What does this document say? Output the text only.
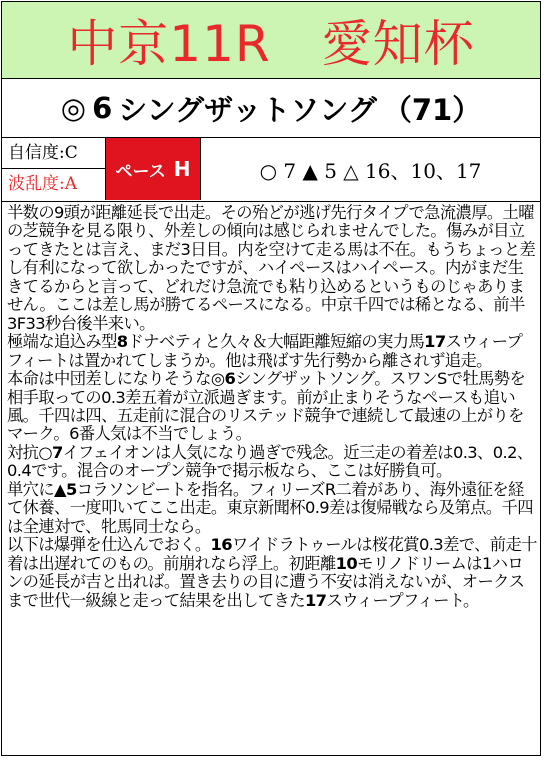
中京11R　愛知杯
◎ 6 シングザットソング （71）
自信度:C
波乱度:A
ペース H	○ 7 ▲ 5 △ 16、10、17

半数の9頭が距離延長で出走。その殆どが逃げ先行タイプで急流濃厚。土曜の芝競争を見る限り、外差しの傾向は感じられませんでした。傷みが目立ってきたとは言え、まだ3日目。内を空けて走る馬は不在。もうちょっと差し有利になって欲しかったですが、ハイペースはハイペース。内がまだ生きてるからと言って、どれだけ急流でも粘り込めるというものじゃありません。ここは差し馬が勝てるペースになる。中京千四では稀となる、前半3F33秒台後半来い。

極端な追込み型8ドナベティと久々＆大幅距離短縮の実力馬17スウィープフィートは置かれてしまうか。他は飛ばす先行勢から離されず追走。

本命は中団差しになりそうな◎6シングザットソング。スワンSで牡馬勢を相手取っての0.3差五着が立派過ぎます。前が止まりそうなペースも追い風。千四は四、五走前に混合のリステッド競争で連続して最速の上がりをマーク。6番人気は不当でしょう。

対抗○7イフェイオンは人気になり過ぎで残念。近三走の着差は0.3、0.2、0.4です。混合のオープン競争で掲示板なら、ここは好勝負可。

単穴に▲5コラソンビートを指名。フィリーズR二着があり、海外遠征を経て休養、一度叩いてここ出走。東京新聞杯0.9差は復帰戦なら及第点。千四は全連対で、牝馬同士なら。

以下は爆弾を仕込んでおく。16ワイドラトゥールは桜花賞0.3差で、前走十着は出遅れてのもの。前崩れなら浮上。初距離10モリノドリームは1ハロンの延長が吉と出れば。置き去りの目に遭う不安は消えないが、オークスまで世代一級線と走って結果を出してきた17スウィープフィート。
